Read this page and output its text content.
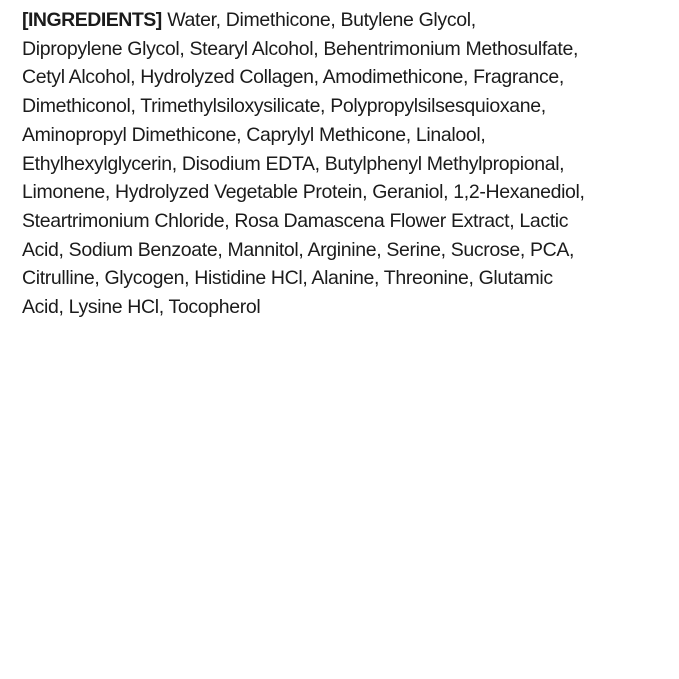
[INGREDIENTS] Water, Dimethicone, Butylene Glycol,
Dipropylene Glycol, Stearyl Alcohol, Behentrimonium Methosulfate,
Cetyl Alcohol, Hydrolyzed Collagen, Amodimethicone, Fragrance,
Dimethiconol, Trimethylsiloxysilicate, Polypropylsilsesquioxane,
Aminopropyl Dimethicone, Caprylyl Methicone, Linalool,
Ethylhexylglycerin, Disodium EDTA, Butylphenyl Methylpropional,
Limonene, Hydrolyzed Vegetable Protein, Geraniol, 1,2-Hexanediol,
Steartrimonium Chloride, Rosa Damascena Flower Extract, Lactic
Acid, Sodium Benzoate, Mannitol, Arginine, Serine, Sucrose, PCA,
Citrulline, Glycogen, Histidine HCl, Alanine, Threonine, Glutamic
Acid, Lysine HCl, Tocopherol
